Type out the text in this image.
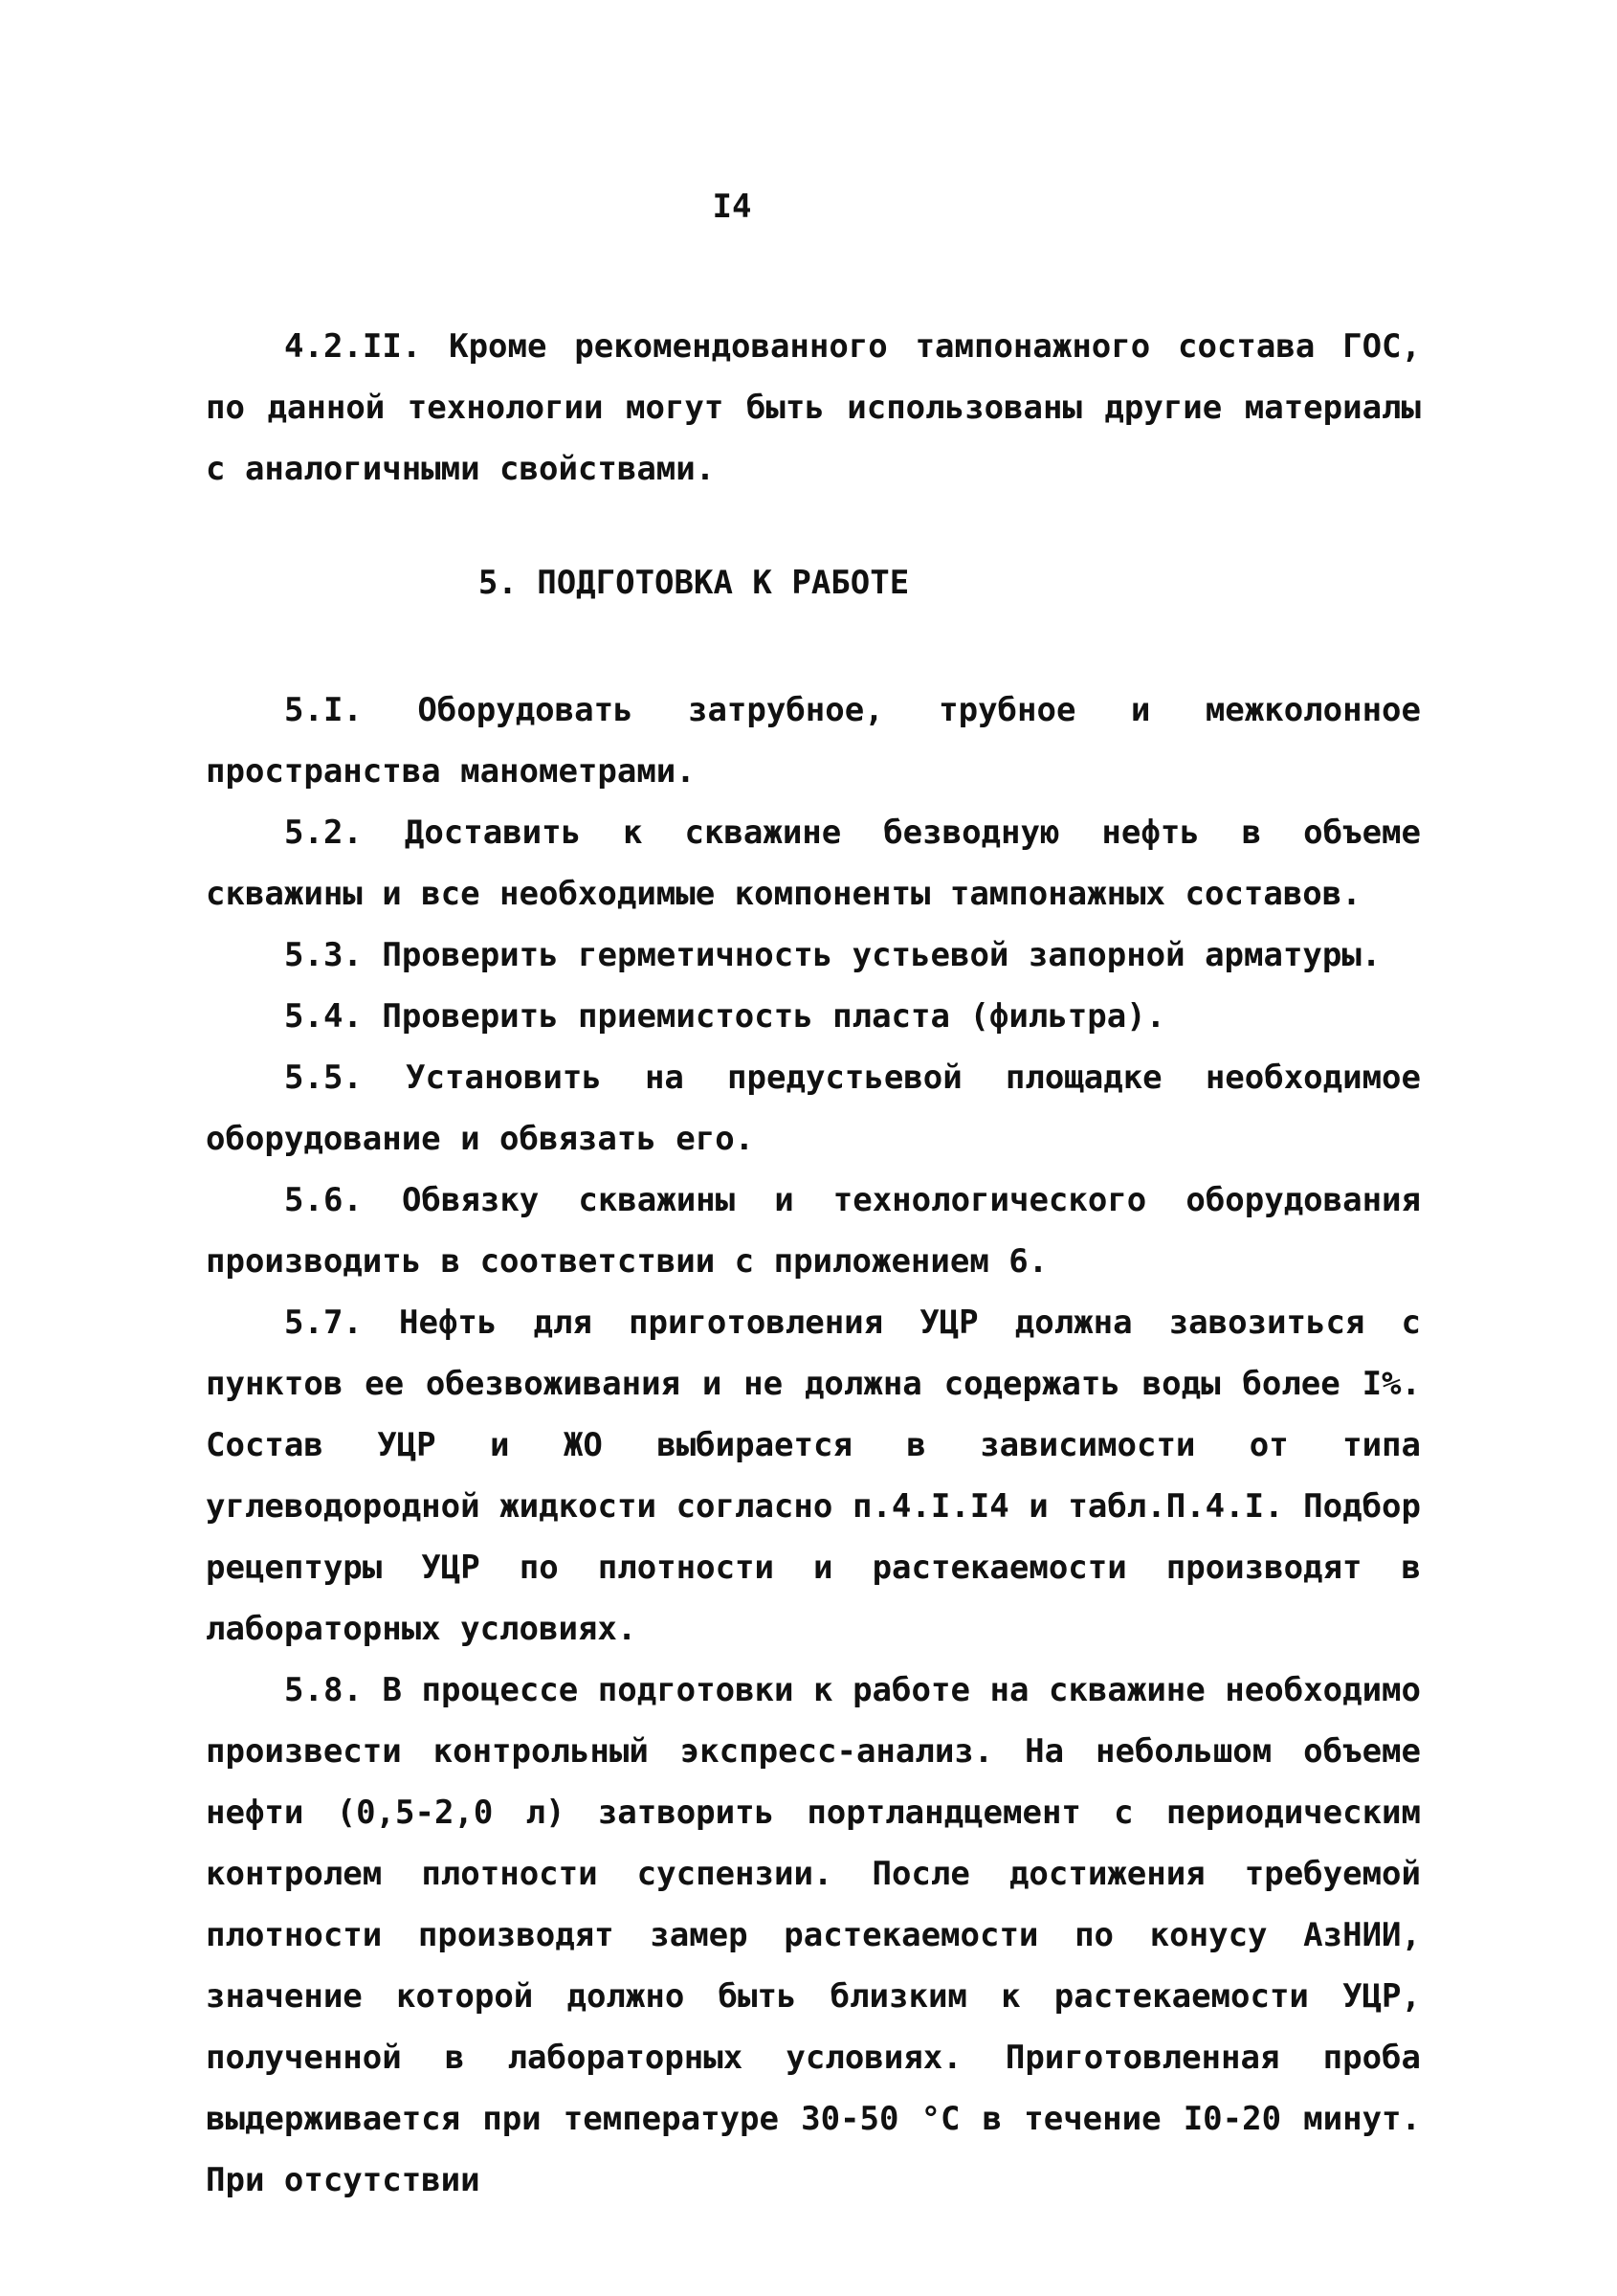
I4

4.2.II. Кроме рекомендованного тампонажного состава ГОС, по данной технологии могут быть использованы другие материалы с аналогичными свойствами.

5. ПОДГОТОВКА К РАБОТЕ

5.I. Оборудовать затрубное, трубное и межколонное пространства манометрами.

5.2. Доставить к скважине безводную нефть в объеме скважины и все необходимые компоненты тампонажных составов.

5.3. Проверить герметичность устьевой запорной арматуры.

5.4. Проверить приемистость пласта (фильтра).

5.5. Установить на предустьевой площадке необходимое оборудование и обвязать его.

5.6. Обвязку скважины и технологического оборудования производить в соответствии с приложением 6.

5.7. Нефть для приготовления УЦР должна завозиться с пунктов ее обезвоживания и не должна содержать воды более I%. Состав УЦР и ЖО выбирается в зависимости от типа углеводородной жидкости согласно п.4.I.I4 и табл.П.4.I. Подбор рецептуры УЦР по плотности и растекаемости производят в лабораторных условиях.

5.8. В процессе подготовки к работе на скважине необходимо произвести контрольный экспресс-анализ. На небольшом объеме нефти (0,5-2,0 л) затворить портландцемент с периодическим контролем плотности суспензии. После достижения требуемой плотности производят замер растекаемости по конусу АзНИИ, значение которой должно быть близким к растекаемости УЦР, полученной в лабораторных условиях. Приготовленная проба выдерживается при температуре 30-50 °С в течение I0-20 минут. При отсутствии
